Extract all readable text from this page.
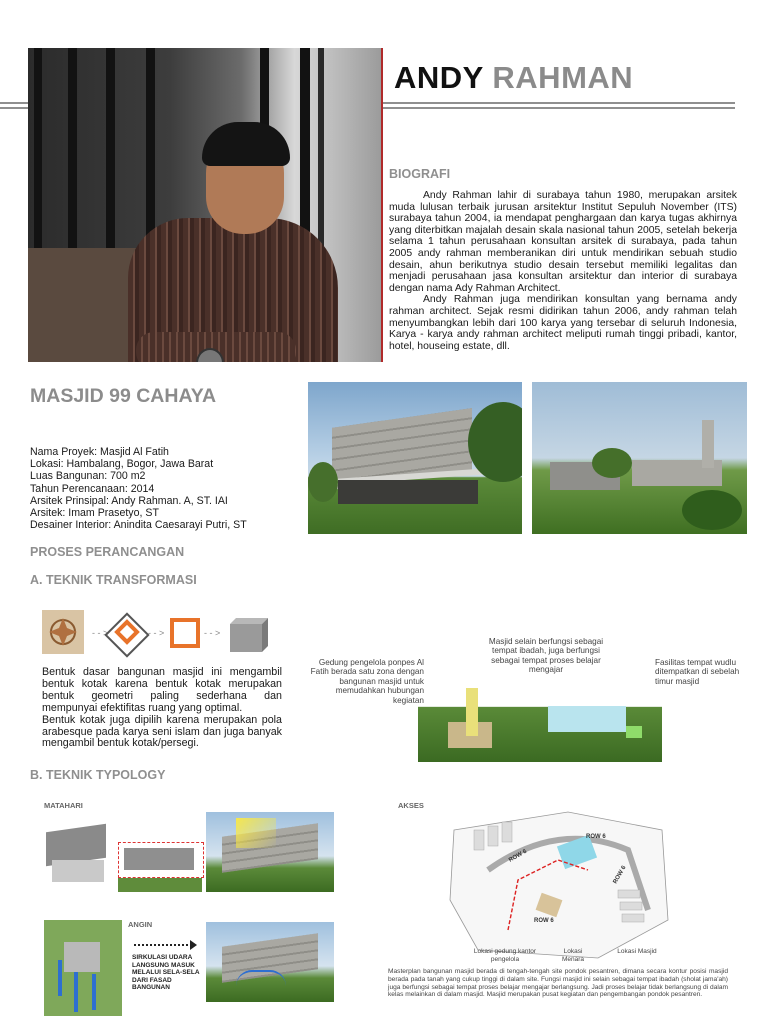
ANDY RAHMAN
BIOGRAFI

Andy Rahman lahir di surabaya tahun 1980, merupakan arsitek muda lulusan terbaik jurusan arsitektur Institut Sepuluh November (ITS) surabaya tahun 2004, ia mendapat penghargaan dan karya tugas akhirnya yang diterbitkan majalah desain skala nasional tahun 2005, setelah bekerja selama 1 tahun perusahaan konsultan arsitek di surabaya, pada tahun 2005 andy rahman memberanikan diri untuk mendirikan sebuah studio desain, ahun berikutnya studio desain tersebut memiliki legalitas dan menjadi perusahaan jasa konsultan arsitektur dan interior di surabaya dengan nama Ady Rahman Architect.

Andy Rahman juga mendirikan konsultan yang bernama andy rahman architect. Sejak resmi didirikan tahun 2006, andy rahman telah menyumbangkan lebih dari 100 karya yang tersebar di seluruh Indonesia, Karya - karya andy rahman architect meliputi rumah tinggi pribadi, kantor, hotel, houseing estate, dll.

MASJID 99 CAHAYA
Nama Proyek: Masjid Al Fatih
Lokasi: Hambalang, Bogor, Jawa Barat
Luas Bangunan: 700 m2
Tahun Perencanaan: 2014
Arsitek Prinsipal: Andy Rahman. A, ST. IAI
Arsitek: Imam Prasetyo, ST
Desainer Interior: Anindita Caesarayi Putri, ST
PROSES PERANCANGAN
A. TEKNIK TRANSFORMASI
- - >	- - >	- - >

Bentuk dasar bangunan masjid ini mengambil bentuk kotak karena bentuk kotak merupakan bentuk geometri paling sederhana dan mempunyai efektifitas ruang yang optimal.

Bentuk kotak juga dipilih karena merupakan pola arabesque pada karya seni islam dan juga banyak mengambil bentuk kotak/persegi.

Gedung pengelola ponpes Al Fatih berada satu zona dengan bangunan masjid untuk memudahkan hubungan kegiatan
Masjid selain berfungsi sebagai tempat ibadah, juga berfungsi sebagai tempat proses belajar mengajar
Fasilitas tempat wudlu ditempatkan di sebelah timur masjid
B. TEKNIK TYPOLOGY
MATAHARI
ANGIN
SIRKULASI UDARA LANGSUNG MASUK MELALUI SELA-SELA DARI FASAD BANGUNAN
AKSES
ROW 6
ROW 6
ROW 6
ROW 6
Lokasi gedung kantor pengelola
Lokasi Menara
Lokasi Masjid
Masterplan bangunan masjid berada di tengah-tengah site pondok pesantren, dimana secara kontur posisi masjid berada pada tanah yang cukup tinggi di dalam site. Fungsi masjid ini selain sebagai tempat ibadah (sholat jama'ah) juga berfungsi sebagai tempat proses belajar mengajar berlangsung. Jadi proses belajar tidak berlangsung di dalam kelas melainkan di dalam masjid. Masjid merupakan pusat kegiatan dan pengembangan pondok pesantren.
